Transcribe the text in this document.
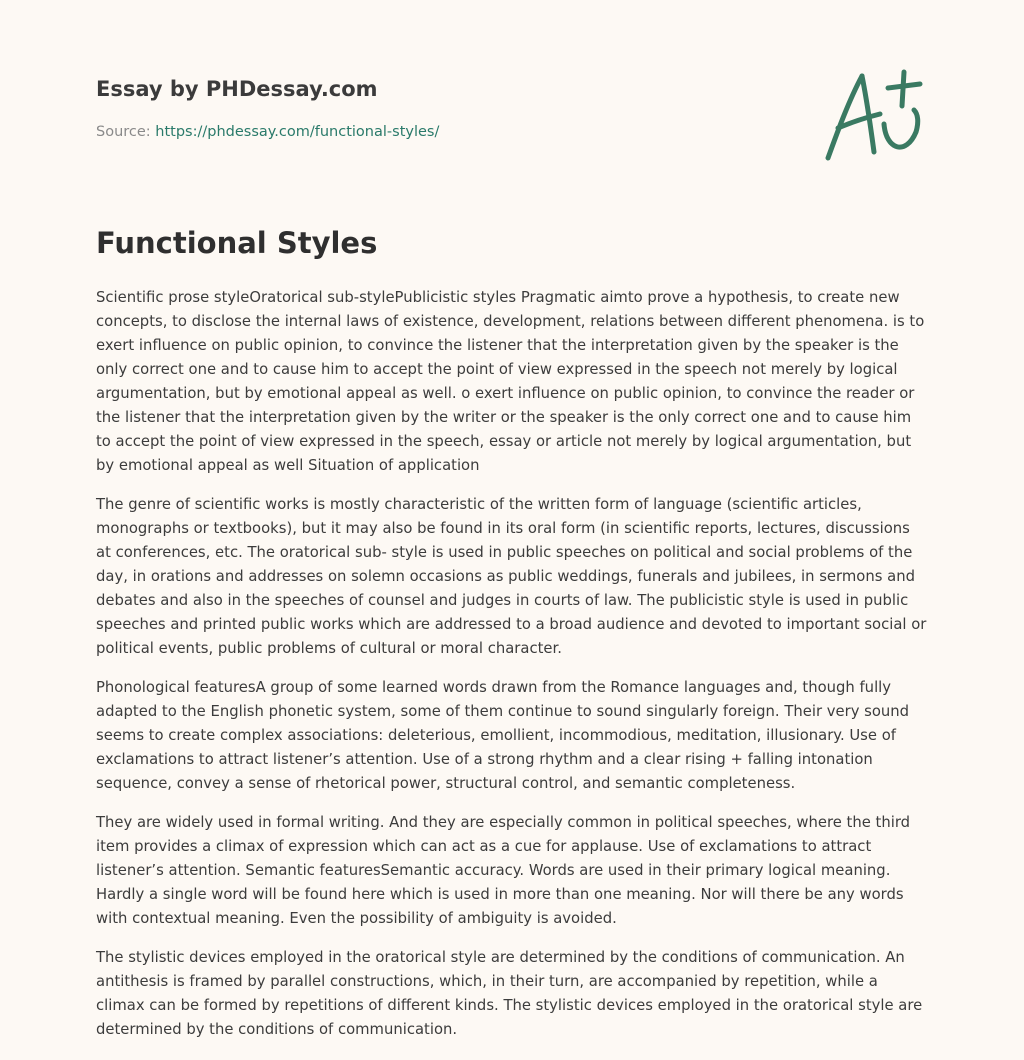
Essay by PHDessay.com
Source: https://phdessay.com/functional-styles/
Functional Styles

Scientific prose styleOratorical sub-stylePublicistic styles Pragmatic aimto prove a hypothesis, to create new concepts, to disclose the internal laws of existence, development, relations between different phenomena. is to exert influence on public opinion, to convince the listener that the interpretation given by the speaker is the only correct one and to cause him to accept the point of view expressed in the speech not merely by logical argumentation, but by emotional appeal as well. o exert influence on public opinion, to convince the reader or the listener that the interpretation given by the writer or the speaker is the only correct one and to cause him to accept the point of view expressed in the speech, essay or article not merely by logical argumentation, but by emotional appeal as well Situation of application

The genre of scientific works is mostly characteristic of the written form of language (scientific articles, monographs or textbooks), but it may also be found in its oral form (in scientific reports, lectures, discussions at conferences, etc. The oratorical sub- style is used in public speeches on political and social problems of the day, in orations and addresses on solemn occasions as public weddings, funerals and jubilees, in sermons and debates and also in the speeches of counsel and judges in courts of law. The publicistic style is used in public speeches and printed public works which are addressed to a broad audience and devoted to important social or political events, public problems of cultural or moral character.

Phonological featuresA group of some learned words drawn from the Romance languages and, though fully adapted to the English phonetic system, some of them continue to sound singularly foreign. Their very sound seems to create complex associations: deleterious, emollient, incommodious, meditation, illusionary. Use of exclamations to attract listener’s attention. Use of a strong rhythm and a clear rising + falling intonation sequence, convey a sense of rhetorical power, structural control, and semantic completeness.

They are widely used in formal writing. And they are especially common in political speeches, where the third item provides a climax of expression which can act as a cue for applause. Use of exclamations to attract listener’s attention. Semantic featuresSemantic accuracy. Words are used in their primary logical meaning. Hardly a single word will be found here which is used in more than one meaning. Nor will there be any words with contextual meaning. Even the possibility of ambiguity is avoided.

The stylistic devices employed in the oratorical style are determined by the conditions of communication. An antithesis is framed by parallel constructions, which, in their turn, are accompanied by repetition, while a climax can be formed by repetitions of different kinds. The stylistic devices employed in the oratorical style are determined by the conditions of communication.
